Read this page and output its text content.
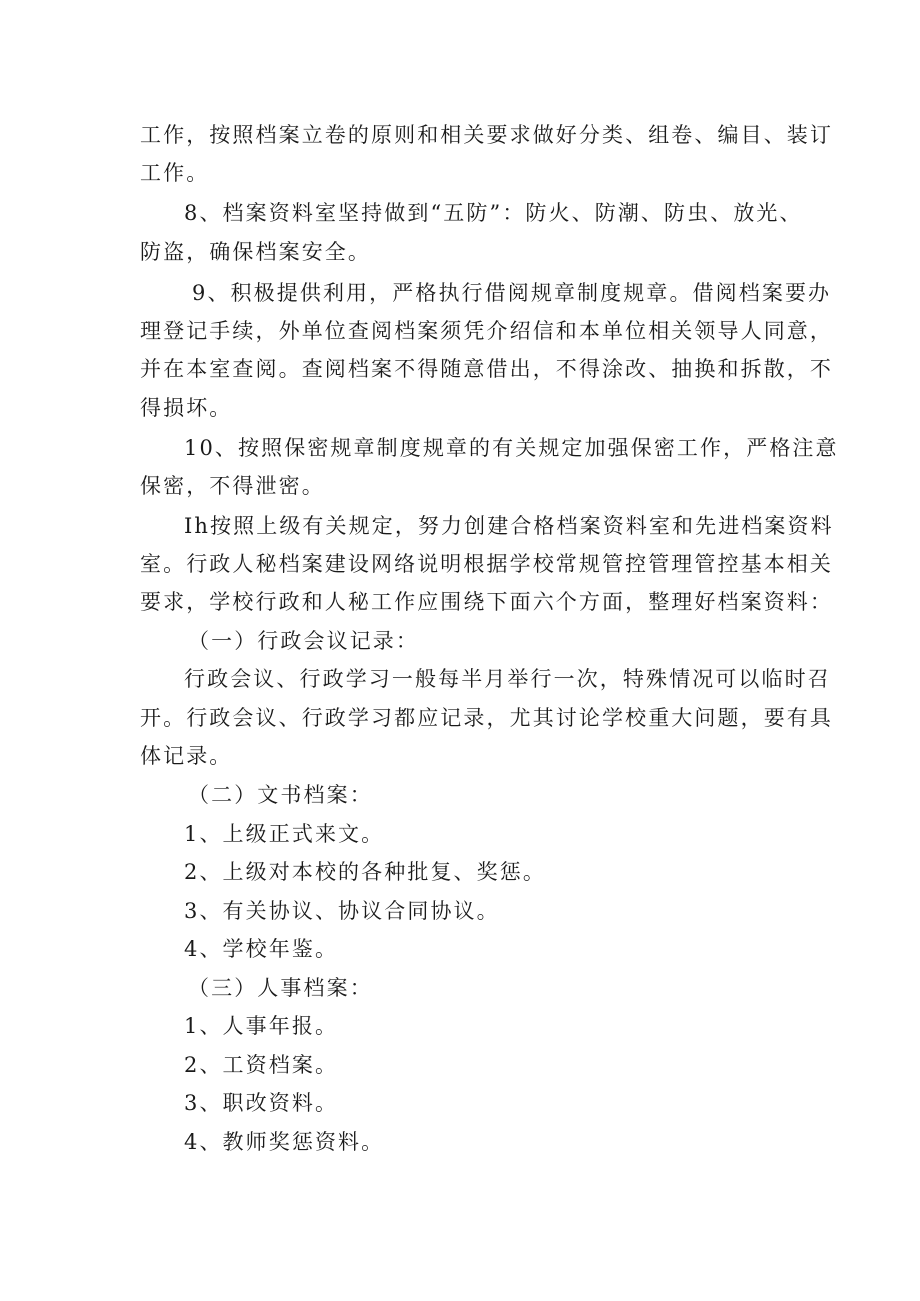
工作，按照档案立卷的原则和相关要求做好分类、组卷、编目、装订
工作。
8、档案资料室坚持做到“五防”：防火、防潮、防虫、放光、
防盗，确保档案安全。
9、积极提供利用，严格执行借阅规章制度规章。借阅档案要办
理登记手续，外单位查阅档案须凭介绍信和本单位相关领导人同意，
并在本室查阅。查阅档案不得随意借出，不得涂改、抽换和拆散，不
得损坏。
10、按照保密规章制度规章的有关规定加强保密工作，严格注意
保密，不得泄密。
Ih按照上级有关规定，努力创建合格档案资料室和先进档案资料
室。行政人秘档案建设网络说明根据学校常规管控管理管控基本相关
要求，学校行政和人秘工作应围绕下面六个方面，整理好档案资料：
（一）行政会议记录：
行政会议、行政学习一般每半月举行一次，特殊情况可以临时召
开。行政会议、行政学习都应记录，尤其讨论学校重大问题，要有具
体记录。
（二）文书档案：
1、上级正式来文。
2、上级对本校的各种批复、奖惩。
3、有关协议、协议合同协议。
4、学校年鉴。
（三）人事档案：
1、人事年报。
2、工资档案。
3、职改资料。
4、教师奖惩资料。
